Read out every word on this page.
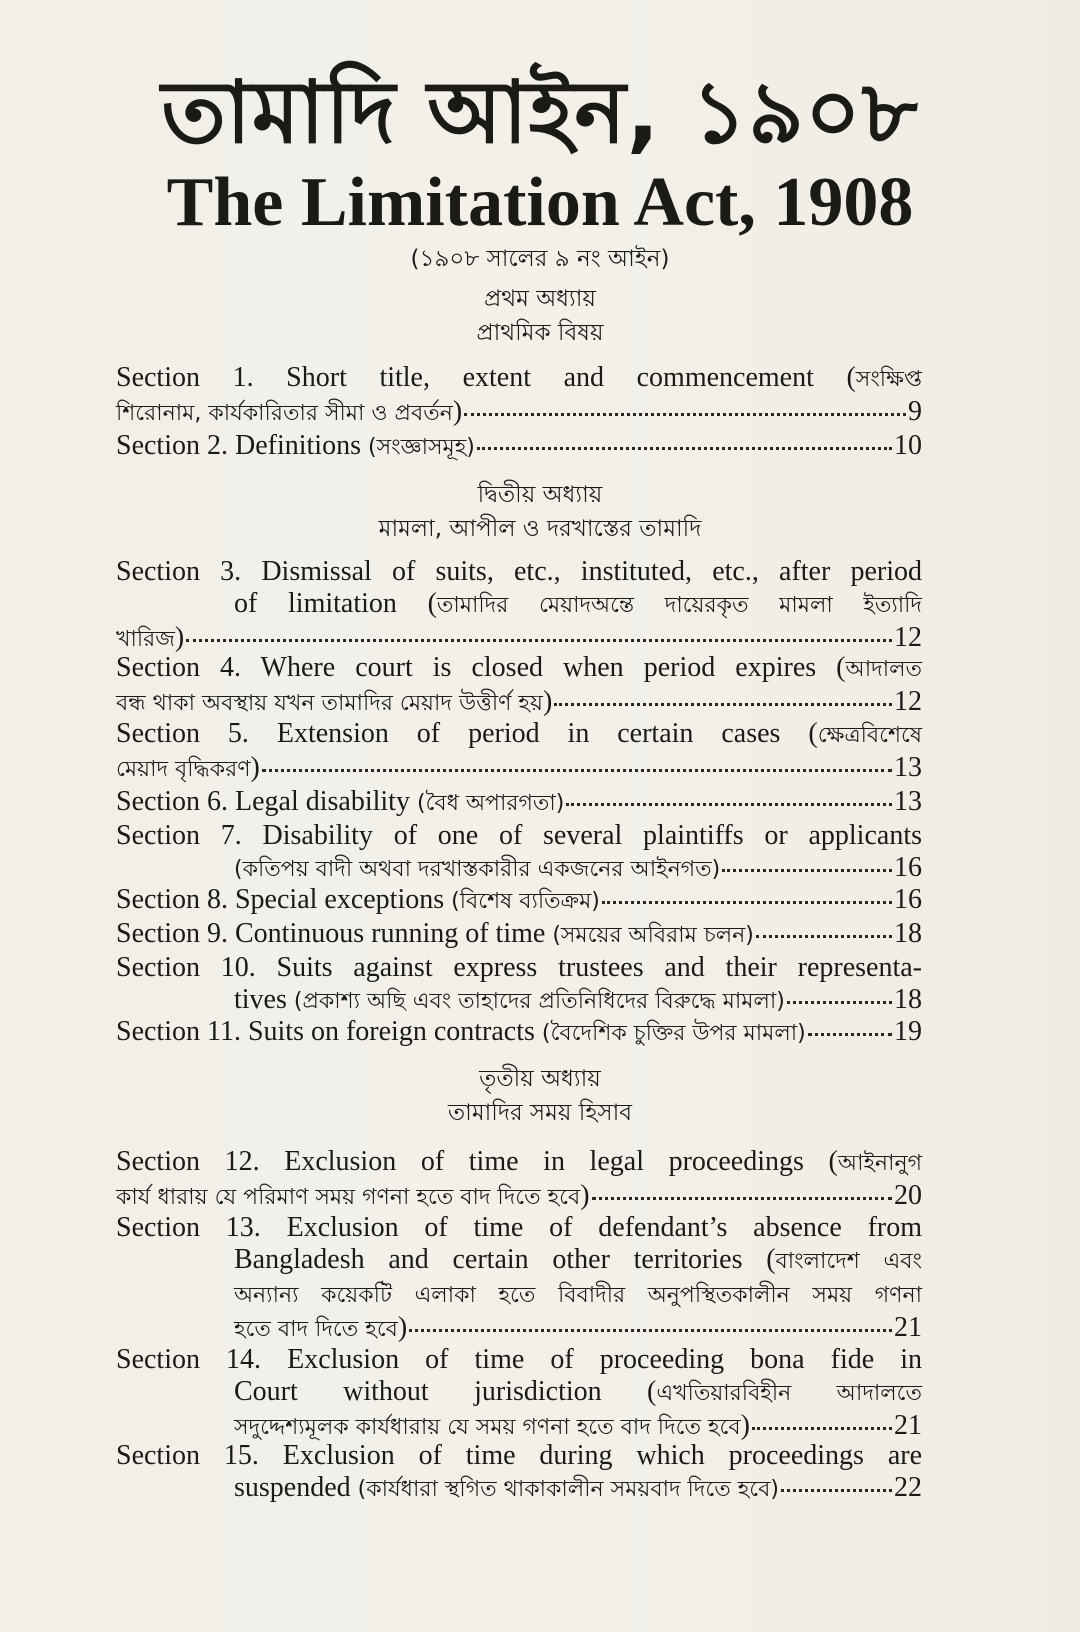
তামাদি আইন, ১৯০৮
The Limitation Act, 1908
(১৯০৮ সালের ৯ নং আইন)
প্রথম অধ্যায়
প্রাথমিক বিষয়
দ্বিতীয় অধ্যায়
মামলা, আপীল ও দরখাস্তের তামাদি
তৃতীয় অধ্যায়
তামাদির সময় হিসাব
Section 1. Short title, extent and commencement (সংক্ষিপ্ত
শিরোনাম, কার্যকারিতার সীমা ও প্রবর্তন)	9
Section 2. Definitions (সংজ্ঞাসমূহ)	10
Section 3. Dismissal of suits, etc., instituted, etc., after period
of limitation (তামাদির মেয়াদঅন্তে দায়েরকৃত মামলা ইত্যাদি
খারিজ)	12
Section 4. Where court is closed when period expires (আদালত
বন্ধ থাকা অবস্থায় যখন তামাদির মেয়াদ উত্তীর্ণ হয়)	12
Section 5. Extension of period in certain cases (ক্ষেত্রবিশেষে
মেয়াদ বৃদ্ধিকরণ)	13
Section 6. Legal disability (বৈধ অপারগতা)	13
Section 7. Disability of one of several plaintiffs or applicants
(কতিপয় বাদী অথবা দরখাস্তকারীর একজনের আইনগত)	16
Section 8. Special exceptions (বিশেষ ব্যতিক্রম)	16
Section 9. Continuous running of time (সময়ের অবিরাম চলন)	18
Section 10. Suits against express trustees and their representa-
tives (প্রকাশ্য অছি এবং তাহাদের প্রতিনিধিদের বিরুদ্ধে মামলা)	18
Section 11. Suits on foreign contracts (বৈদেশিক চুক্তির উপর মামলা)	19
Section 12. Exclusion of time in legal proceedings (আইনানুগ
কার্য ধারায় যে পরিমাণ সময় গণনা হতে বাদ দিতে হবে)	20
Section 13. Exclusion of time of defendant’s absence from
Bangladesh and certain other territories (বাংলাদেশ এবং
অন্যান্য কয়েকটি এলাকা হতে বিবাদীর অনুপস্থিতকালীন সময় গণনা
হতে বাদ দিতে হবে)	21
Section 14. Exclusion of time of proceeding bona fide in
Court without jurisdiction (এখতিয়ারবিহীন আদালতে
সদুদ্দেশ্যমূলক কার্যধারায় যে সময় গণনা হতে বাদ দিতে হবে)	21
Section 15. Exclusion of time during which proceedings are
suspended (কার্যধারা স্থগিত থাকাকালীন সময়বাদ দিতে হবে)	22
